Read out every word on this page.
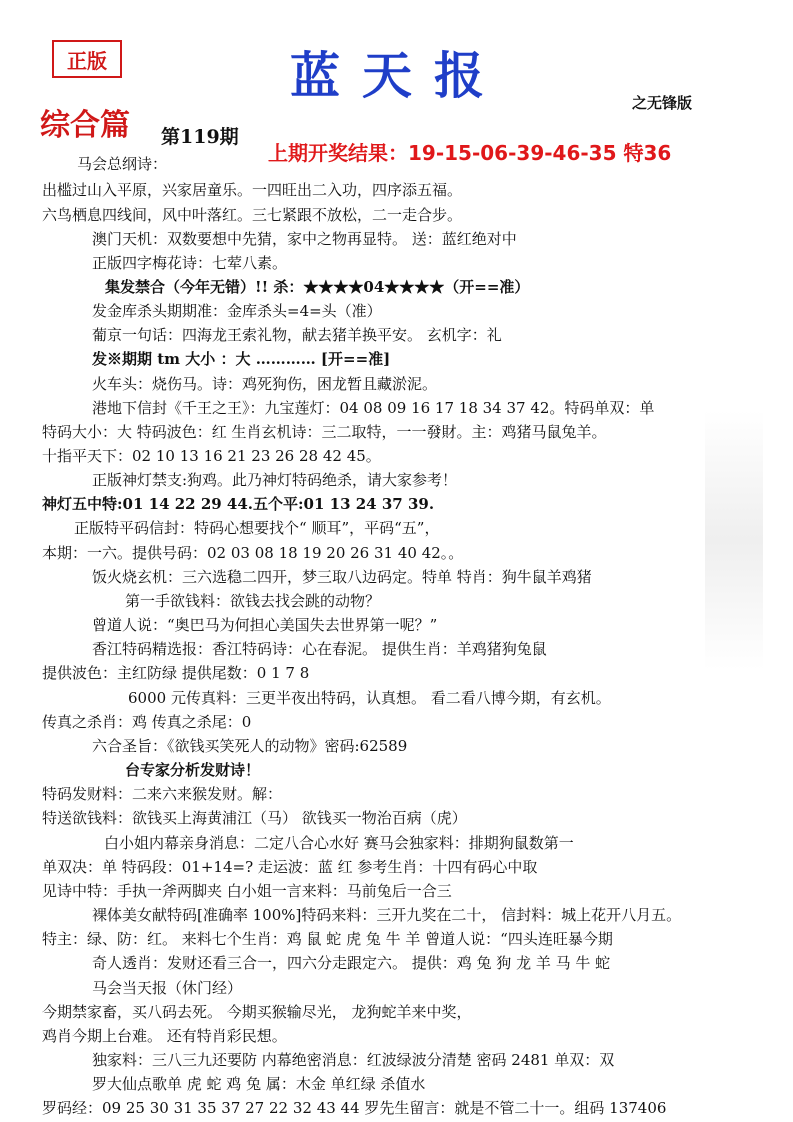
正版	蓝天报	之无锋版
综合篇 第119期
上期开奖结果：19-15-06-39-46-35 特36
马会总纲诗：
出槛过山入平原，兴家居童乐。一四旺出二入功，四序添五福。
六鸟栖息四线间，风中叶落红。三七紧跟不放松，二一走合步。
澳门天机：双数要想中先猜，家中之物再显特。 送：蓝红绝对中
正版四字梅花诗：七荤八素。
集发禁合（今年无错）!! 杀：★★★★04★★★★（开==准）
发金库杀头期期准：金库杀头=4=头（准）
葡京一句话：四海龙王索礼物，献去猪羊换平安。 玄机字：礼
发※期期 tm 大小 ：大 ………… [开==准]
火车头：烧伤马。诗：鸡死狗伤，困龙暂且藏淤泥。
港地下信封《千王之王》：九宝莲灯：04 08 09 16 17 18 34 37 42。特码单双：单
特码大小：大 特码波色：红 生肖玄机诗：三二取特，一一發財。主：鸡猪马鼠兔羊。
十指平天下：02 10 13 16 21 23 26 28 42 45。
正版神灯禁支:狗鸡。此乃神灯特码绝杀，请大家参考！
神灯五中特:01 14 22 29 44.五个平:01 13 24 37 39.
正版特平码信封：特码心想要找个“ 顺耳”，平码“五”，
本期：一六。提供号码：02 03 08 18 19 20 26 31 40 42。。
饭火烧玄机：三六选稳二四开，梦三取八边码定。特单 特肖：狗牛鼠羊鸡猪
第一手欲钱料：欲钱去找会跳的动物？
曾道人说：“奥巴马为何担心美国失去世界第一呢？”
香江特码精选报：香江特码诗：心在春泥。 提供生肖：羊鸡猪狗兔鼠
提供波色：主红防绿 提供尾数：0 1 7 8
6000 元传真料：三更半夜出特码，认真想。 看二看八博今期，有玄机。
传真之杀肖：鸡 传真之杀尾：0
六合圣旨：《欲钱买笑死人的动物》密码:62589
台专家分析发财诗！
特码发财料：二来六来猴发财。解：
特送欲钱料：欲钱买上海黄浦江（马） 欲钱买一物治百病（虎）
白小姐内幕亲身消息：二定八合心水好 赛马会独家料：排期狗鼠数第一
单双决：单 特码段：01+14=? 走运波：蓝 红 参考生肖：十四有码心中取
见诗中特：手执一斧两脚夹 白小姐一言来料：马前兔后一合三
裸体美女献特码[准确率 100%]特码来料：三开九奖在二十， 信封料：城上花开八月五。
特主：绿、防：红。 来料七个生肖：鸡 鼠 蛇 虎 兔 牛 羊 曾道人说：“四头连旺暴今期
奇人透肖：发财还看三合一，四六分走跟定六。 提供：鸡 兔 狗 龙 羊 马 牛 蛇
马会当天报（休门经）
今期禁家畜，买八码去死。 今期买猴输尽光， 龙狗蛇羊来中奖，
鸡肖今期上台难。 还有特肖彩民想。
独家料：三八三九还要防 内幕绝密消息：红波绿波分清楚 密码 2481 单双：双
罗大仙点歌单 虎 蛇 鸡 兔 属：木金 单红绿 杀值水
罗码经：09 25 30 31 35 37 27 22 32 43 44 罗先生留言：就是不管二十一。组码 137406
